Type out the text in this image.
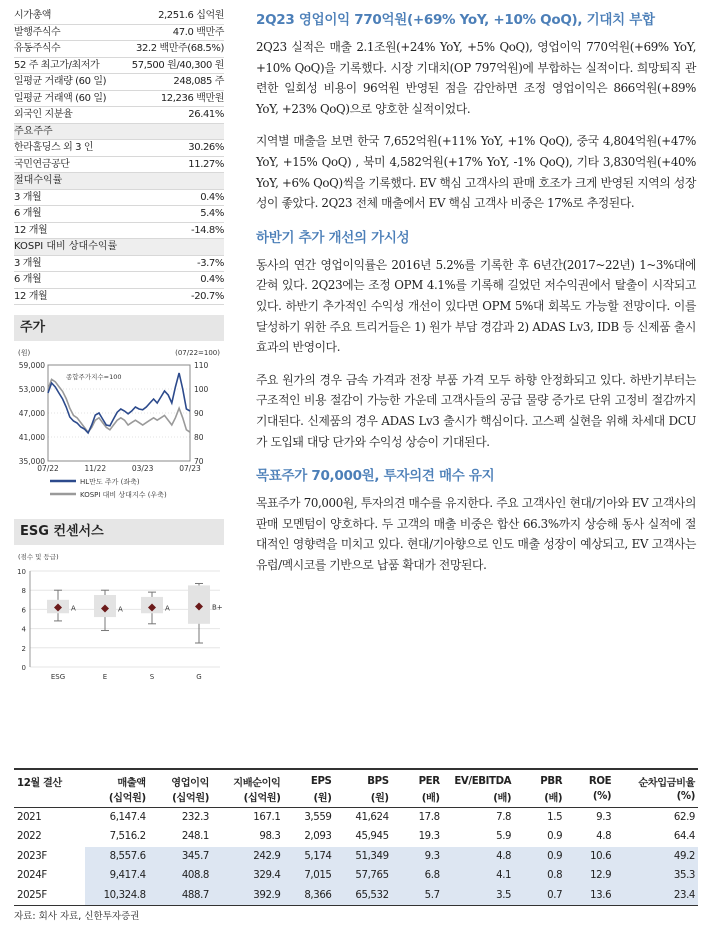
시가총액	2,251.6 십억원
발행주식수	47.0 백만주
유동주식수	32.2 백만주(68.5%)
52 주 최고가/최저가	57,500 원/40,300 원
일평균 거래량 (60 일)	248,085 주
일평균 거래액 (60 일)	12,236 백만원
외국인 지분율	26.41%
주요주주
한라홀딩스 외 3 인	30.26%
국민연금공단	11.27%
절대수익률
3 개월	0.4%
6 개월	5.4%
12 개월	-14.8%
KOSPI 대비 상대수익률
3 개월	-3.7%
6 개월	0.4%
12 개월	-20.7%
주가
(원)	(07/22=100)
59,000	110
53,000	100
47,000	90
41,000	80
35,000	70
07/22	11/22	03/23	07/23
종합주가지수=100
HL만도 주가 (좌축)
KOSPI 대비 상대지수 (우축)
ESG 컨센서스
(점수 및 등급)
10
8
6
4
2
0
A
ESG
A
E
A
S
B+
G
2Q23 영업이익 770억원(+69% YoY, +10% QoQ), 기대치 부합
2Q23 실적은 매출 2.1조원(+24% YoY, +5% QoQ), 영업이익 770억원(+69% YoY, +10% QoQ)을 기록했다. 시장 기대치(OP 797억원)에 부합하는 실적이다. 희망퇴직 관련한 일회성 비용이 96억원 반영된 점을 감안하면 조정 영업이익은 866억원(+89% YoY, +23% QoQ)으로 양호한 실적이었다.
지역별 매출을 보면 한국 7,652억원(+11% YoY, +1% QoQ), 중국 4,804억원(+47% YoY, +15% QoQ) , 북미 4,582억원(+17% YoY, -1% QoQ), 기타 3,830억원(+40% YoY, +6% QoQ)씩을 기록했다. EV 핵심 고객사의 판매 호조가 크게 반영된 지역의 성장성이 좋았다. 2Q23 전체 매출에서 EV 핵심 고객사 비중은 17%로 추정된다.
하반기 추가 개선의 가시성
동사의 연간 영업이익률은 2016년 5.2%를 기록한 후 6년간(2017~22년) 1~3%대에 갇혀 있다. 2Q23에는 조정 OPM 4.1%를 기록해 길었던 저수익권에서 탈출이 시작되고 있다. 하반기 추가적인 수익성 개선이 있다면 OPM 5%대 회복도 가능할 전망이다. 이를 달성하기 위한 주요 트리거들은 1) 원가 부담 경감과 2) ADAS Lv3, IDB 등 신제품 출시 효과의 반영이다.
주요 원가의 경우 금속 가격과 전장 부품 가격 모두 하향 안정화되고 있다. 하반기부터는 구조적인 비용 절감이 가능한 가운데 고객사들의 공급 물량 증가로 단위 고정비 절감까지 기대된다. 신제품의 경우 ADAS Lv3 출시가 핵심이다. 고스펙 실현을 위해 차세대 DCU가 도입돼 대당 단가와 수익성 상승이 기대된다.
목표주가 70,000원, 투자의견 매수 유지
목표주가 70,000원, 투자의견 매수를 유지한다. 주요 고객사인 현대/기아와 EV 고객사의 판매 모멘텀이 양호하다. 두 고객의 매출 비중은 합산 66.3%까지 상승해 동사 실적에 절대적인 영향력을 미치고 있다. 현대/기아향으로 인도 매출 성장이 예상되고, EV 고객사는 유럽/멕시코를 기반으로 납품 확대가 전망된다.
12월 결산	매출액	영업이익	지배순이익	EPS	BPS	PER	EV/EBITDA	PBR	ROE	순차입금비율
	(십억원)	(십억원)	(십억원)	(원)	(원)	(배)	(배)	(배)	(%)	(%)
2021	6,147.4	232.3	167.1	3,559	41,624	17.8	7.8	1.5	9.3	62.9
2022	7,516.2	248.1	98.3	2,093	45,945	19.3	5.9	0.9	4.8	64.4
2023F	8,557.6	345.7	242.9	5,174	51,349	9.3	4.8	0.9	10.6	49.2
2024F	9,417.4	408.8	329.4	7,015	57,765	6.8	4.1	0.8	12.9	35.3
2025F	10,324.8	488.7	392.9	8,366	65,532	5.7	3.5	0.7	13.6	23.4
자료: 회사 자료, 신한투자증권
